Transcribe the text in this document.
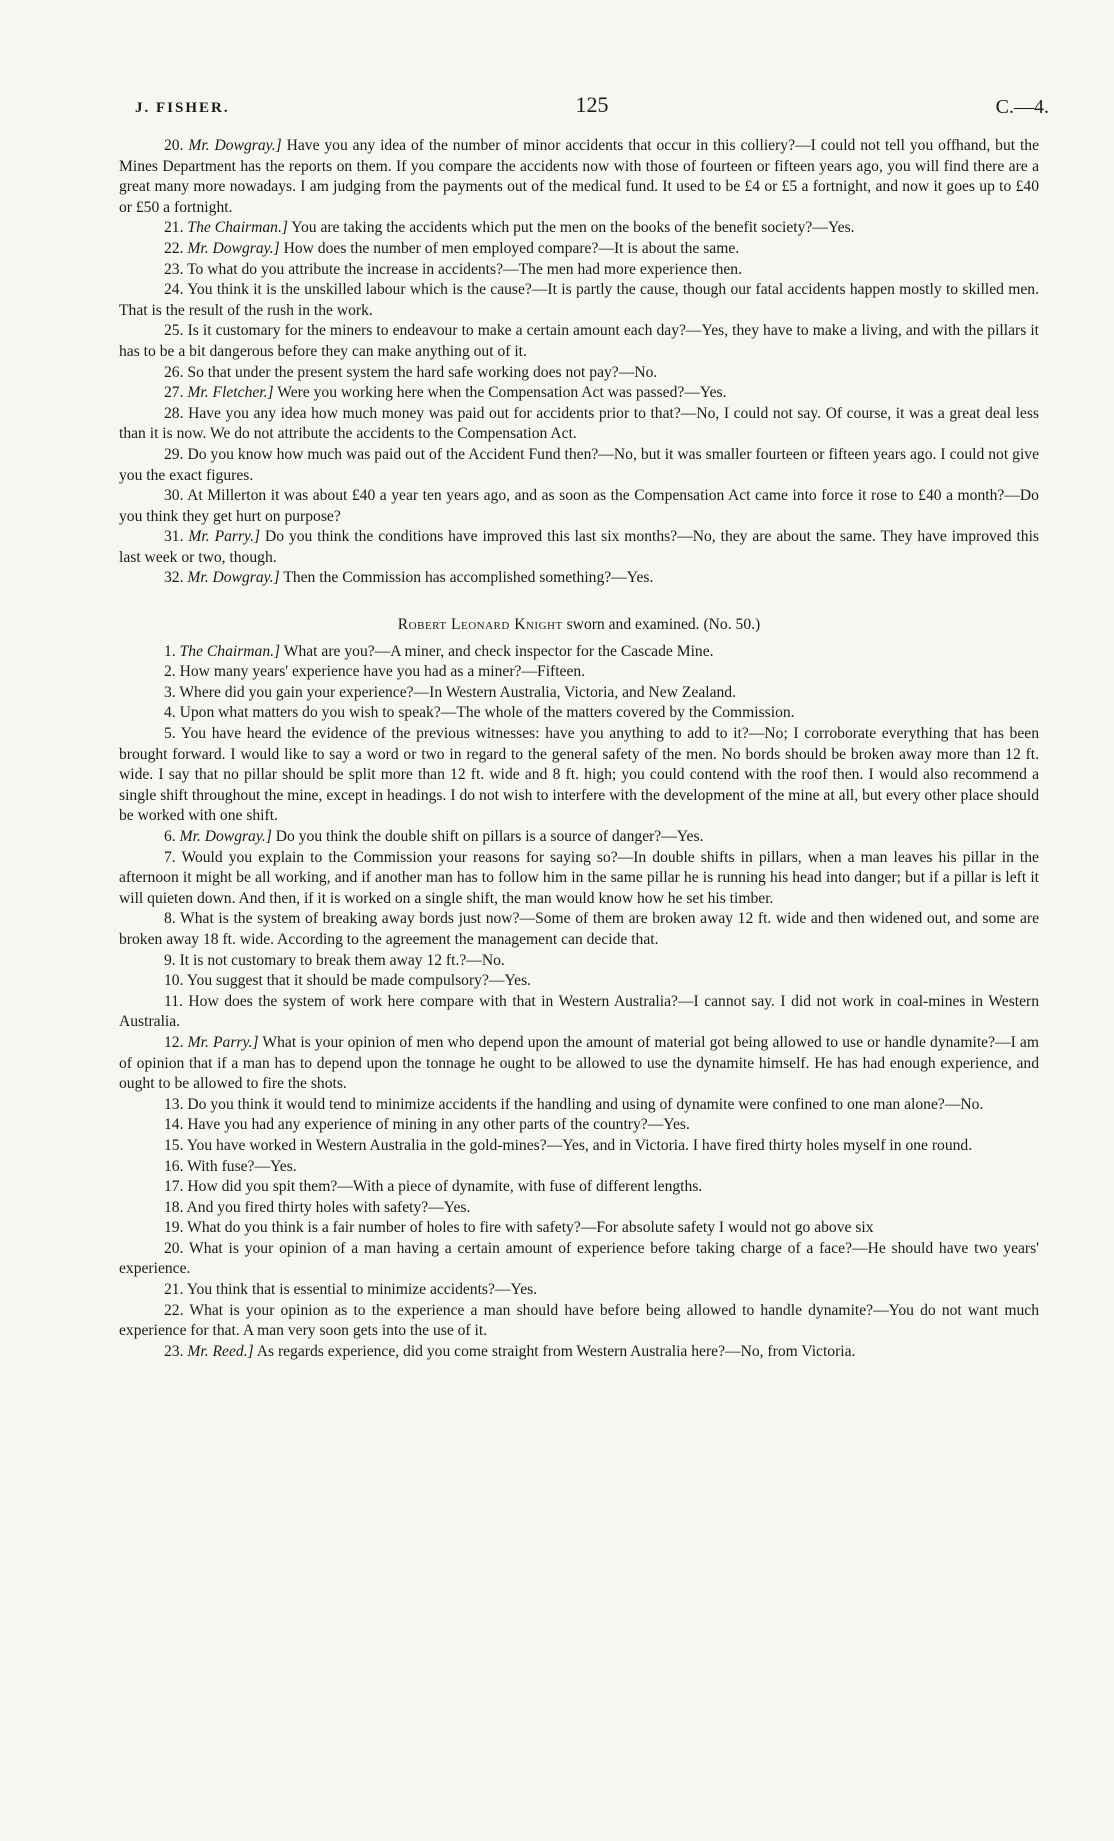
J. FISHER.	125	C.—4.

20. Mr. Dowgray.] Have you any idea of the number of minor accidents that occur in this colliery?—I could not tell you offhand, but the Mines Department has the reports on them. If you compare the accidents now with those of fourteen or fifteen years ago, you will find there are a great many more nowadays. I am judging from the payments out of the medical fund. It used to be £4 or £5 a fortnight, and now it goes up to £40 or £50 a fortnight.

21. The Chairman.] You are taking the accidents which put the men on the books of the benefit society?—Yes.

22. Mr. Dowgray.] How does the number of men employed compare?—It is about the same.

23. To what do you attribute the increase in accidents?—The men had more experience then.

24. You think it is the unskilled labour which is the cause?—It is partly the cause, though our fatal accidents happen mostly to skilled men. That is the result of the rush in the work.

25. Is it customary for the miners to endeavour to make a certain amount each day?—Yes, they have to make a living, and with the pillars it has to be a bit dangerous before they can make anything out of it.

26. So that under the present system the hard safe working does not pay?—No.

27. Mr. Fletcher.] Were you working here when the Compensation Act was passed?—Yes.

28. Have you any idea how much money was paid out for accidents prior to that?—No, I could not say. Of course, it was a great deal less than it is now. We do not attribute the accidents to the Compensation Act.

29. Do you know how much was paid out of the Accident Fund then?—No, but it was smaller fourteen or fifteen years ago. I could not give you the exact figures.

30. At Millerton it was about £40 a year ten years ago, and as soon as the Compensation Act came into force it rose to £40 a month?—Do you think they get hurt on purpose?

31. Mr. Parry.] Do you think the conditions have improved this last six months?—No, they are about the same. They have improved this last week or two, though.

32. Mr. Dowgray.] Then the Commission has accomplished something?—Yes.

Robert Leonard Knight sworn and examined. (No. 50.)

1. The Chairman.] What are you?—A miner, and check inspector for the Cascade Mine.

2. How many years' experience have you had as a miner?—Fifteen.

3. Where did you gain your experience?—In Western Australia, Victoria, and New Zealand.

4. Upon what matters do you wish to speak?—The whole of the matters covered by the Commission.

5. You have heard the evidence of the previous witnesses: have you anything to add to it?—No; I corroborate everything that has been brought forward. I would like to say a word or two in regard to the general safety of the men. No bords should be broken away more than 12 ft. wide. I say that no pillar should be split more than 12 ft. wide and 8 ft. high; you could contend with the roof then. I would also recommend a single shift throughout the mine, except in headings. I do not wish to interfere with the development of the mine at all, but every other place should be worked with one shift.

6. Mr. Dowgray.] Do you think the double shift on pillars is a source of danger?—Yes.

7. Would you explain to the Commission your reasons for saying so?—In double shifts in pillars, when a man leaves his pillar in the afternoon it might be all working, and if another man has to follow him in the same pillar he is running his head into danger; but if a pillar is left it will quieten down. And then, if it is worked on a single shift, the man would know how he set his timber.

8. What is the system of breaking away bords just now?—Some of them are broken away 12 ft. wide and then widened out, and some are broken away 18 ft. wide. According to the agreement the management can decide that.

9. It is not customary to break them away 12 ft.?—No.

10. You suggest that it should be made compulsory?—Yes.

11. How does the system of work here compare with that in Western Australia?—I cannot say. I did not work in coal-mines in Western Australia.

12. Mr. Parry.] What is your opinion of men who depend upon the amount of material got being allowed to use or handle dynamite?—I am of opinion that if a man has to depend upon the tonnage he ought to be allowed to use the dynamite himself. He has had enough experience, and ought to be allowed to fire the shots.

13. Do you think it would tend to minimize accidents if the handling and using of dynamite were confined to one man alone?—No.

14. Have you had any experience of mining in any other parts of the country?—Yes.

15. You have worked in Western Australia in the gold-mines?—Yes, and in Victoria. I have fired thirty holes myself in one round.

16. With fuse?—Yes.

17. How did you spit them?—With a piece of dynamite, with fuse of different lengths.

18. And you fired thirty holes with safety?—Yes.

19. What do you think is a fair number of holes to fire with safety?—For absolute safety I would not go above six

20. What is your opinion of a man having a certain amount of experience before taking charge of a face?—He should have two years' experience.

21. You think that is essential to minimize accidents?—Yes.

22. What is your opinion as to the experience a man should have before being allowed to handle dynamite?—You do not want much experience for that. A man very soon gets into the use of it.

23. Mr. Reed.] As regards experience, did you come straight from Western Australia here?—No, from Victoria.
